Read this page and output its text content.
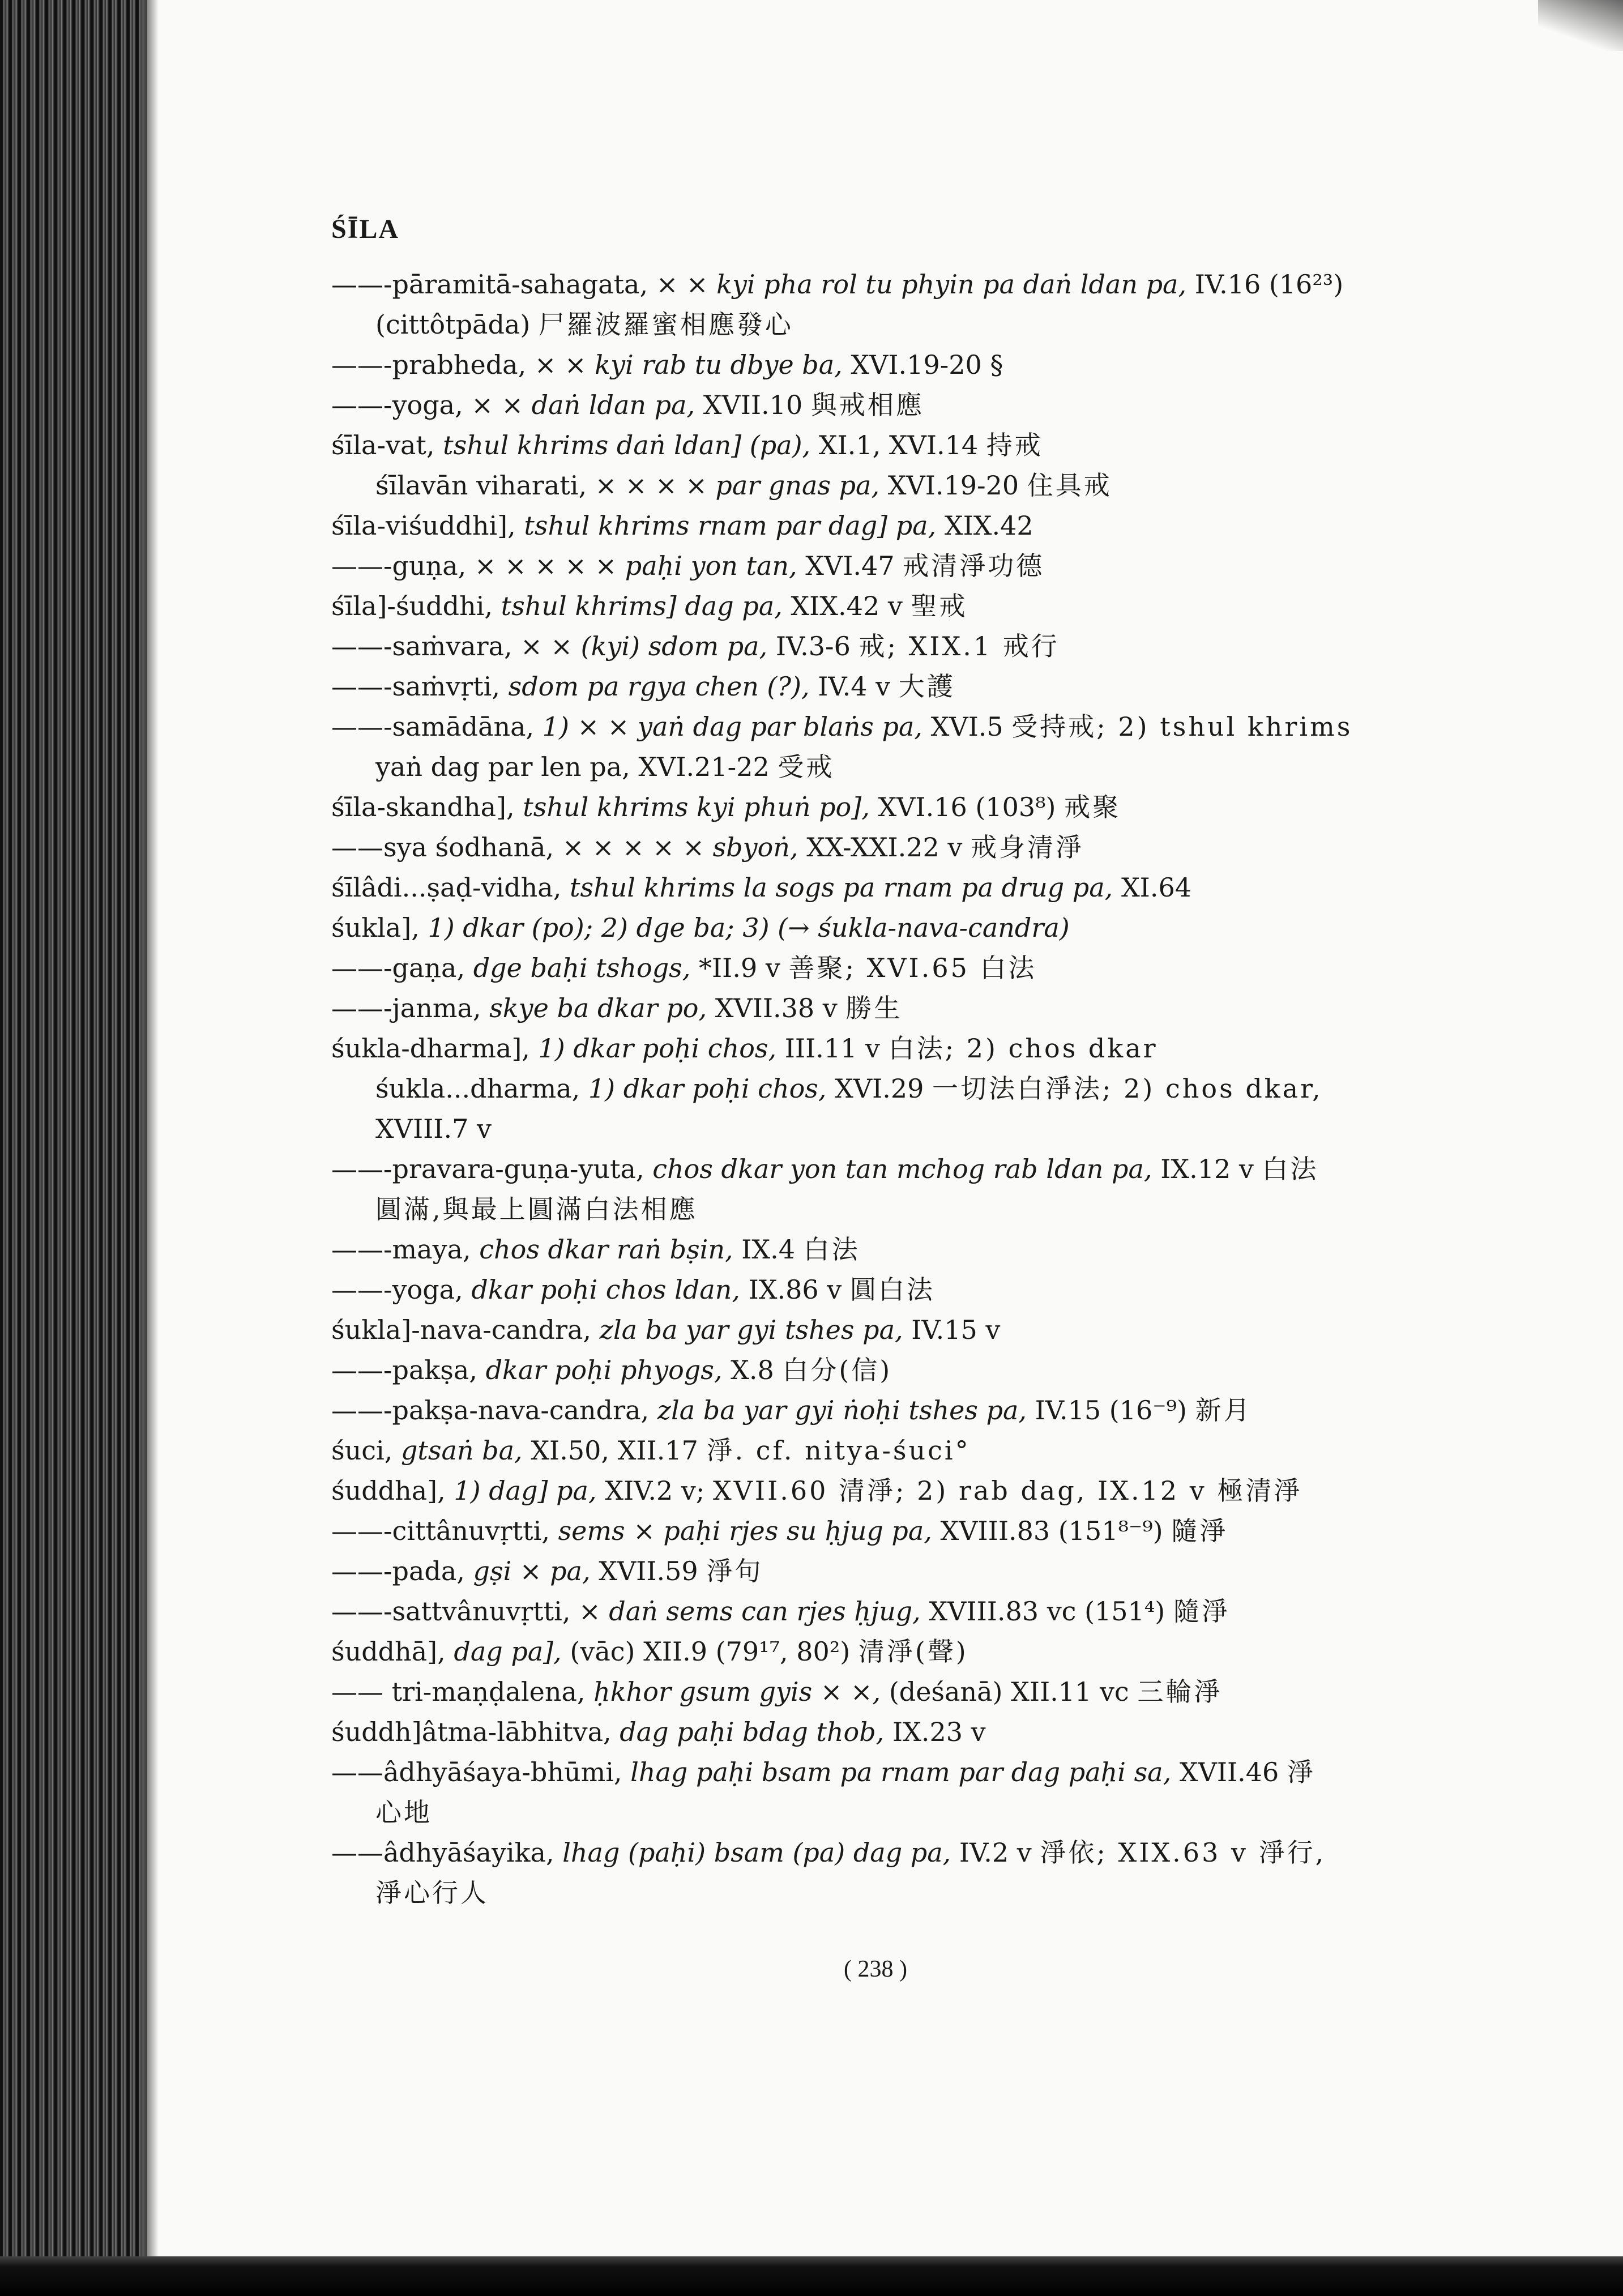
ŚĪLA
——-pāramitā-sahagata, × × kyi pha rol tu phyin pa daṅ ldan pa, IV.16 (16²³)
(cittôtpāda) 尸羅波羅蜜相應發心
——-prabheda, × × kyi rab tu dbye ba, XVI.19-20 §
——-yoga, × × daṅ ldan pa, XVII.10 與戒相應
śīla-vat, tshul khrims daṅ ldan] (pa), XI.1, XVI.14 持戒
śīlavān viharati, × × × × par gnas pa, XVI.19-20 住具戒
śīla-viśuddhi], tshul khrims rnam par dag] pa, XIX.42
——-guṇa, × × × × × paḥi yon tan, XVI.47 戒清淨功德
śīla]-śuddhi, tshul khrims] dag pa, XIX.42 v 聖戒
——-saṁvara, × × (kyi) sdom pa, IV.3-6 戒; XIX.1 戒行
——-saṁvṛti, sdom pa rgya chen (?), IV.4 v 大護
——-samādāna, 1) × × yaṅ dag par blaṅs pa, XVI.5 受持戒; 2) tshul khrims
yaṅ dag par len pa, XVI.21-22 受戒
śīla-skandha], tshul khrims kyi phuṅ po], XVI.16 (103⁸) 戒聚
——sya śodhanā, × × × × × sbyoṅ, XX-XXI.22 v 戒身清淨
śīlâdi...ṣaḍ-vidha, tshul khrims la sogs pa rnam pa drug pa, XI.64
śukla], 1) dkar (po); 2) dge ba; 3) (→ śukla-nava-candra)
——-gaṇa, dge baḥi tshogs, *II.9 v 善聚; XVI.65 白法
——-janma, skye ba dkar po, XVII.38 v 勝生
śukla-dharma], 1) dkar poḥi chos, III.11 v 白法; 2) chos dkar
śukla...dharma, 1) dkar poḥi chos, XVI.29 一切法白淨法; 2) chos dkar,
XVIII.7 v
——-pravara-guṇa-yuta, chos dkar yon tan mchog rab ldan pa, IX.12 v 白法
圓滿,與最上圓滿白法相應
——-maya, chos dkar raṅ bṣin, IX.4 白法
——-yoga, dkar poḥi chos ldan, IX.86 v 圓白法
śukla]-nava-candra, zla ba yar gyi tshes pa, IV.15 v
——-pakṣa, dkar poḥi phyogs, X.8 白分(信)
——-pakṣa-nava-candra, zla ba yar gyi ṅoḥi tshes pa, IV.15 (16⁻⁹) 新月
śuci, gtsaṅ ba, XI.50, XII.17 淨. cf. nitya-śuci°
śuddha], 1) dag] pa, XIV.2 v; XVII.60 清淨; 2) rab dag, IX.12 v 極清淨
——-cittânuvṛtti, sems × paḥi rjes su ḥjug pa, XVIII.83 (151⁸⁻⁹) 隨淨
——-pada, gṣi × pa, XVII.59 淨句
——-sattvânuvṛtti, × daṅ sems can rjes ḥjug, XVIII.83 vc (151⁴) 隨淨
śuddhā], dag pa], (vāc) XII.9 (79¹⁷, 80²) 清淨(聲)
—— tri-maṇḍalena, ḥkhor gsum gyis × ×, (deśanā) XII.11 vc 三輪淨
śuddh]âtma-lābhitva, dag paḥi bdag thob, IX.23 v
——âdhyāśaya-bhūmi, lhag paḥi bsam pa rnam par dag paḥi sa, XVII.46 淨
心地
——âdhyāśayika, lhag (paḥi) bsam (pa) dag pa, IV.2 v 淨依; XIX.63 v 淨行,
淨心行人
( 238 )
